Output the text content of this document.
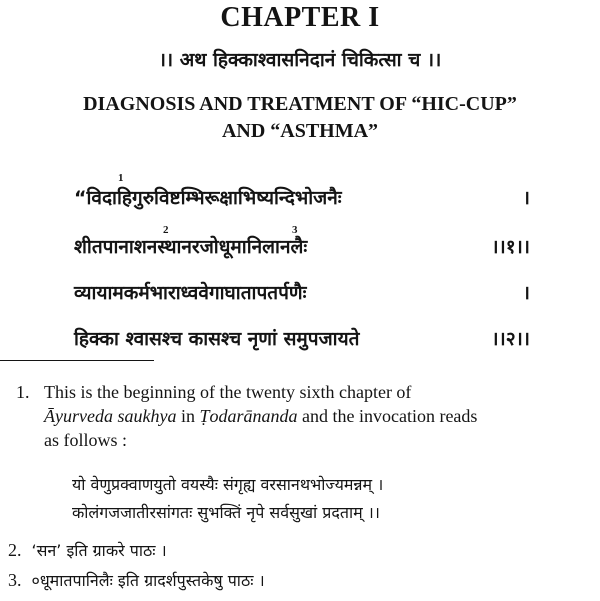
CHAPTER I
।। अथ हिक्काश्वासनिदानं चिकित्सा च ।।
DIAGNOSIS AND TREATMENT OF “HIC-CUP”
AND “ASTHMA”
1
2	3
“विदाहिगुरुविष्टम्भिरूक्षाभिष्यन्दिभोजनैः	।
शीतपानाशनस्थानरजोधूमानिलानलैः	।।१।।
व्यायामकर्मभाराध्ववेगाघातापतर्पणैः	।
हिक्का श्वासश्च कासश्च नृणां समुपजायते	।।२।।
1. This is the beginning of the twenty sixth chapter of
Āyurveda saukhya in Ṭodarānanda and the invocation reads
as follows :
यो वेणुप्रक्वाणयुतो वयस्यैः संगृह्य वरसानथभोज्यमन्नम् ।
कोलंगजजातीरसांगतः सुभक्तिं नृपे सर्वसुखां प्रदताम् ।।
2. ‘सन’ इति ग्राकरे पाठः ।
3. ०धूमातपानिलैः इति ग्रादर्शपुस्तकेषु पाठः ।
